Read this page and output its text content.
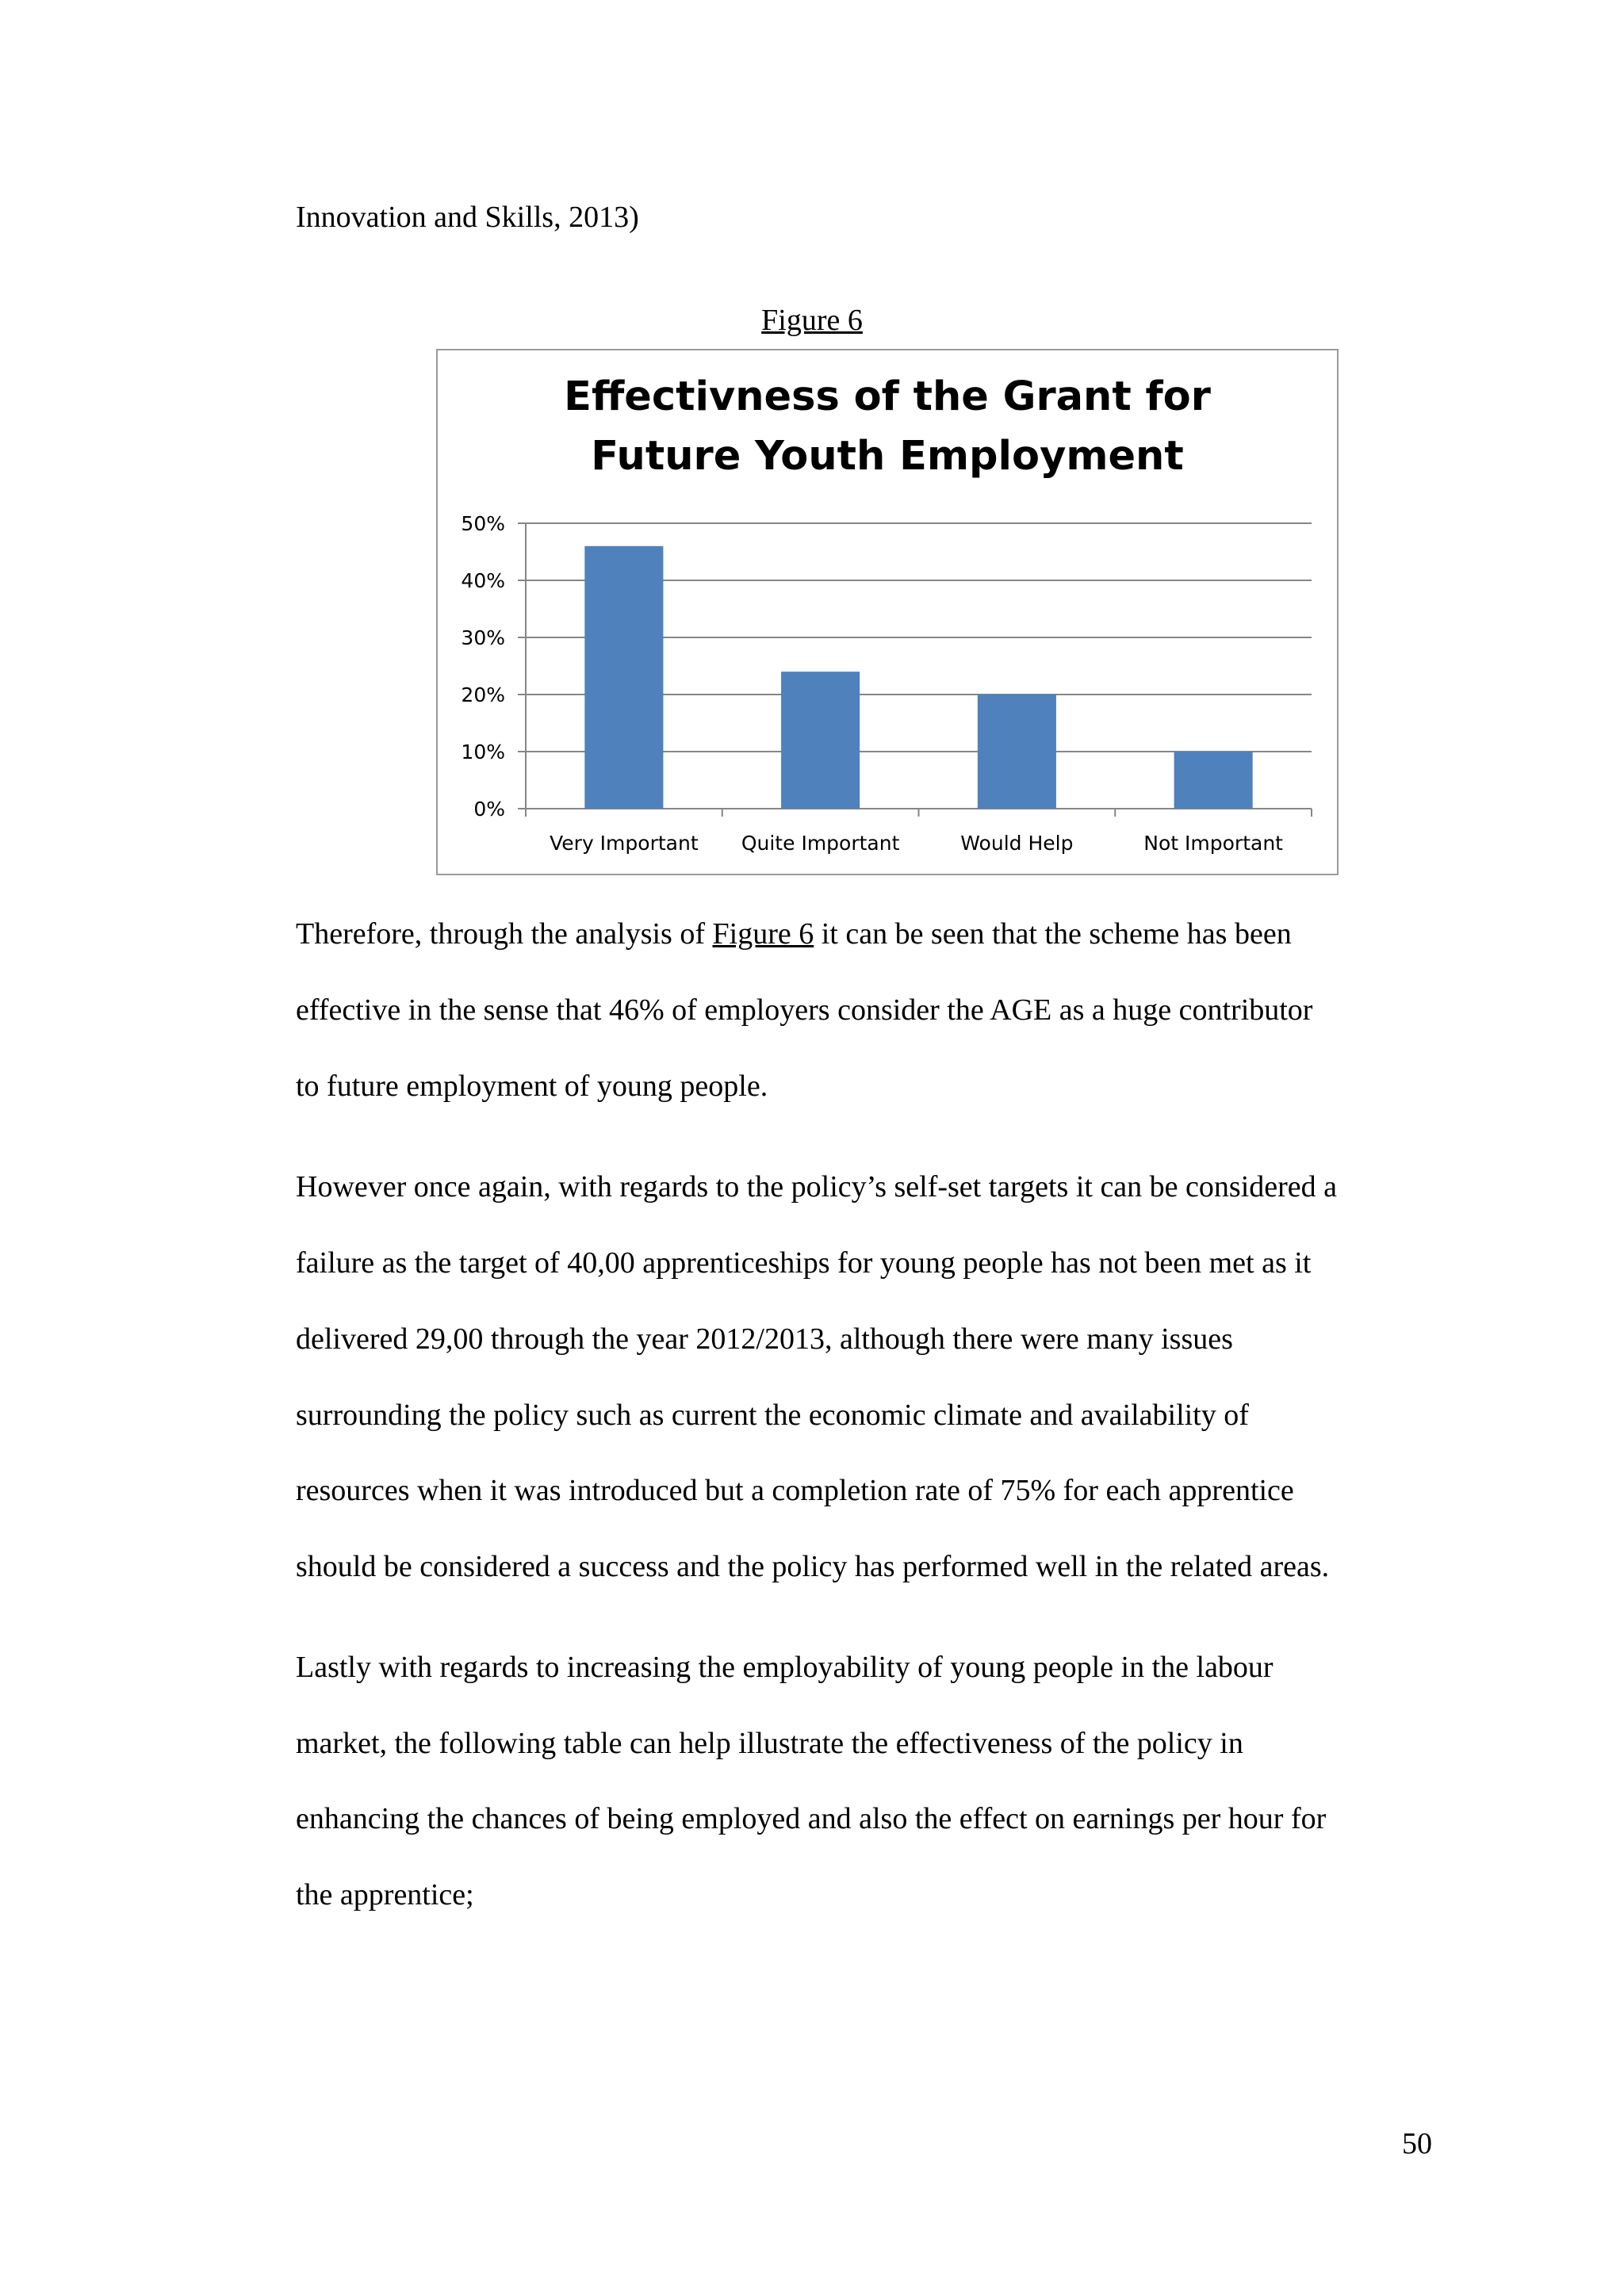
Innovation and Skills, 2013)

Figure 6
Effectivness of the Grant for
Future Youth Employment
0%
10%
20%
30%
40%
50%
Very Important Quite Important	Would Help	Not Important

Therefore, through the analysis of Figure 6 it can be seen that the scheme has been

effective in the sense that 46% of employers consider the AGE as a huge contributor

to future employment of young people.

However once again, with regards to the policy’s self-set targets it can be considered a

failure as the target of 40,00 apprenticeships for young people has not been met as it

delivered 29,00 through the year 2012/2013, although there were many issues

surrounding the policy such as current the economic climate and availability of

resources when it was introduced but a completion rate of 75% for each apprentice

should be considered a success and the policy has performed well in the related areas.

Lastly with regards to increasing the employability of young people in the labour

market, the following table can help illustrate the effectiveness of the policy in

enhancing the chances of being employed and also the effect on earnings per hour for

the apprentice;

50
